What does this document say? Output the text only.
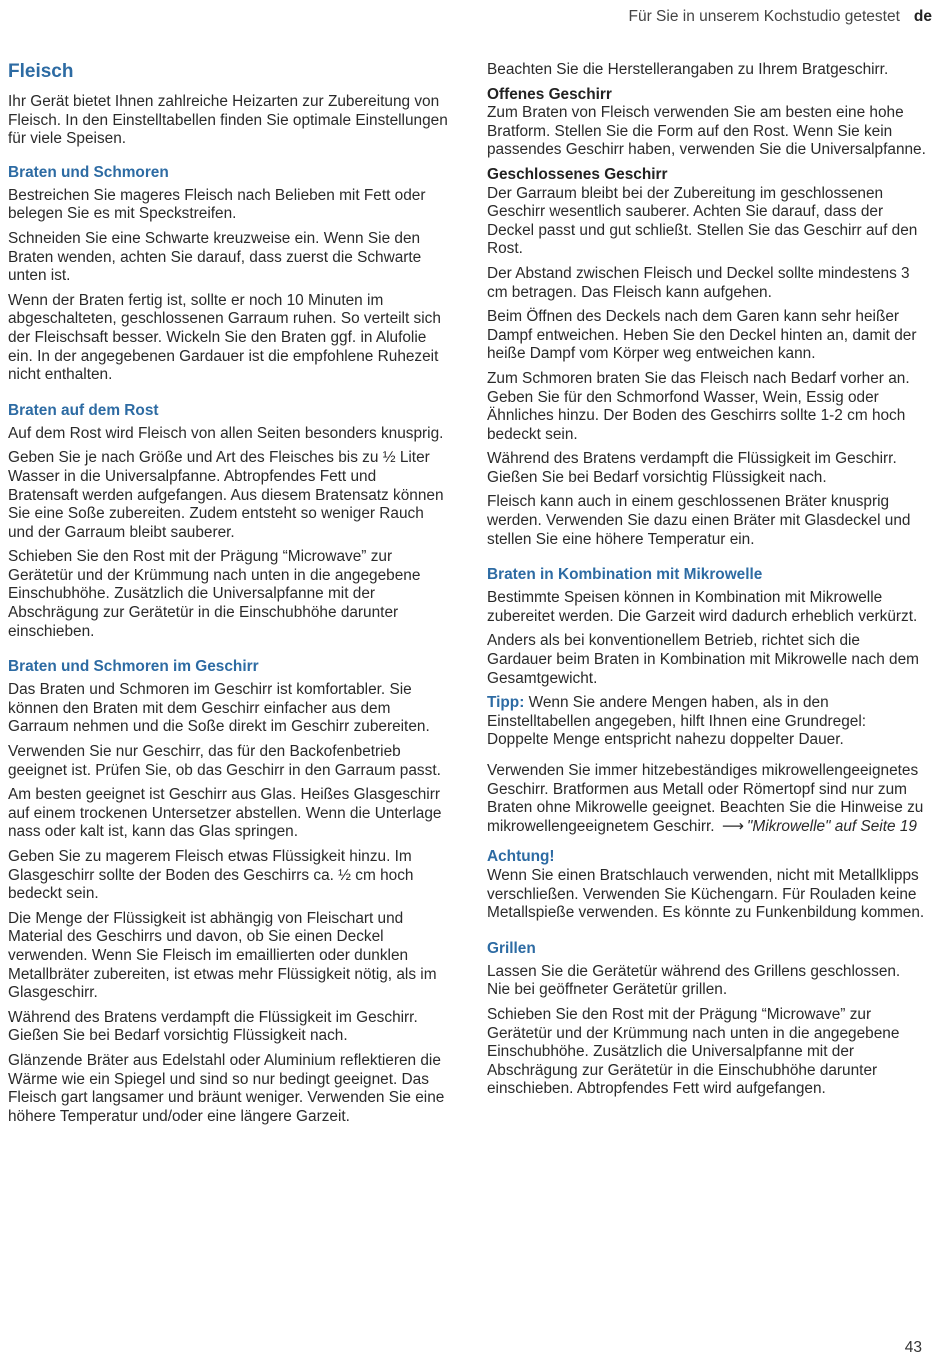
Für Sie in unserem Kochstudio getestet de
Fleisch

Ihr Gerät bietet Ihnen zahlreiche Heizarten zur Zubereitung von Fleisch. In den Einstelltabellen finden Sie optimale Einstellungen für viele Speisen.

Braten und Schmoren

Bestreichen Sie mageres Fleisch nach Belieben mit Fett oder belegen Sie es mit Speckstreifen.

Schneiden Sie eine Schwarte kreuzweise ein. Wenn Sie den Braten wenden, achten Sie darauf, dass zuerst die Schwarte unten ist.

Wenn der Braten fertig ist, sollte er noch 10 Minuten im abgeschalteten, geschlossenen Garraum ruhen. So verteilt sich der Fleischsaft besser. Wickeln Sie den Braten ggf. in Alufolie ein. In der angegebenen Gardauer ist die empfohlene Ruhezeit nicht enthalten.

Braten auf dem Rost

Auf dem Rost wird Fleisch von allen Seiten besonders knusprig.

Geben Sie je nach Größe und Art des Fleisches bis zu ½ Liter Wasser in die Universalpfanne. Abtropfendes Fett und Bratensaft werden aufgefangen. Aus diesem Bratensatz können Sie eine Soße zubereiten. Zudem entsteht so weniger Rauch und der Garraum bleibt sauberer.

Schieben Sie den Rost mit der Prägung “Microwave” zur Gerätetür und der Krümmung nach unten in die angegebene Einschubhöhe. Zusätzlich die Universalpfanne mit der Abschrägung zur Gerätetür in die Einschubhöhe darunter einschieben.

Braten und Schmoren im Geschirr

Das Braten und Schmoren im Geschirr ist komfortabler. Sie können den Braten mit dem Geschirr einfacher aus dem Garraum nehmen und die Soße direkt im Geschirr zubereiten.

Verwenden Sie nur Geschirr, das für den Backofenbetrieb geeignet ist. Prüfen Sie, ob das Geschirr in den Garraum passt.

Am besten geeignet ist Geschirr aus Glas. Heißes Glasgeschirr auf einem trockenen Untersetzer abstellen. Wenn die Unterlage nass oder kalt ist, kann das Glas springen.

Geben Sie zu magerem Fleisch etwas Flüssigkeit hinzu. Im Glasgeschirr sollte der Boden des Geschirrs ca. ½ cm hoch bedeckt sein.

Die Menge der Flüssigkeit ist abhängig von Fleischart und Material des Geschirrs und davon, ob Sie einen Deckel verwenden. Wenn Sie Fleisch im emaillierten oder dunklen Metallbräter zubereiten, ist etwas mehr Flüssigkeit nötig, als im Glasgeschirr.

Während des Bratens verdampft die Flüssigkeit im Geschirr. Gießen Sie bei Bedarf vorsichtig Flüssigkeit nach.

Glänzende Bräter aus Edelstahl oder Aluminium reflektieren die Wärme wie ein Spiegel und sind so nur bedingt geeignet. Das Fleisch gart langsamer und bräunt weniger. Verwenden Sie eine höhere Temperatur und/oder eine längere Garzeit.

Beachten Sie die Herstellerangaben zu Ihrem Bratgeschirr.

Offenes Geschirr
Zum Braten von Fleisch verwenden Sie am besten eine hohe Bratform. Stellen Sie die Form auf den Rost. Wenn Sie kein passendes Geschirr haben, verwenden Sie die Universalpfanne.
Geschlossenes Geschirr
Der Garraum bleibt bei der Zubereitung im geschlossenen Geschirr wesentlich sauberer. Achten Sie darauf, dass der Deckel passt und gut schließt. Stellen Sie das Geschirr auf den Rost.

Der Abstand zwischen Fleisch und Deckel sollte mindestens 3 cm betragen. Das Fleisch kann aufgehen.

Beim Öffnen des Deckels nach dem Garen kann sehr heißer Dampf entweichen. Heben Sie den Deckel hinten an, damit der heiße Dampf vom Körper weg entweichen kann.

Zum Schmoren braten Sie das Fleisch nach Bedarf vorher an. Geben Sie für den Schmorfond Wasser, Wein, Essig oder Ähnliches hinzu. Der Boden des Geschirrs sollte 1-2 cm hoch bedeckt sein.

Während des Bratens verdampft die Flüssigkeit im Geschirr. Gießen Sie bei Bedarf vorsichtig Flüssigkeit nach.

Fleisch kann auch in einem geschlossenen Bräter knusprig werden. Verwenden Sie dazu einen Bräter mit Glasdeckel und stellen Sie eine höhere Temperatur ein.

Braten in Kombination mit Mikrowelle

Bestimmte Speisen können in Kombination mit Mikrowelle zubereitet werden. Die Garzeit wird dadurch erheblich verkürzt.

Anders als bei konventionellem Betrieb, richtet sich die Gardauer beim Braten in Kombination mit Mikrowelle nach dem Gesamtgewicht.

Tipp: Wenn Sie andere Mengen haben, als in den Einstelltabellen angegeben, hilft Ihnen eine Grundregel: Doppelte Menge entspricht nahezu doppelter Dauer.

Verwenden Sie immer hitzebeständiges mikrowellengeeignetes Geschirr. Bratformen aus Metall oder Römertopf sind nur zum Braten ohne Mikrowelle geeignet. Beachten Sie die Hinweise zu mikrowellengeeignetem Geschirr. ⟶ "Mikrowelle" auf Seite 19

Achtung!
Wenn Sie einen Bratschlauch verwenden, nicht mit Metallklipps verschließen. Verwenden Sie Küchengarn. Für Rouladen keine Metallspieße verwenden. Es könnte zu Funkenbildung kommen.
Grillen

Lassen Sie die Gerätetür während des Grillens geschlossen. Nie bei geöffneter Gerätetür grillen.

Schieben Sie den Rost mit der Prägung “Microwave” zur Gerätetür und der Krümmung nach unten in die angegebene Einschubhöhe. Zusätzlich die Universalpfanne mit der Abschrägung zur Gerätetür in die Einschubhöhe darunter einschieben. Abtropfendes Fett wird aufgefangen.

43
